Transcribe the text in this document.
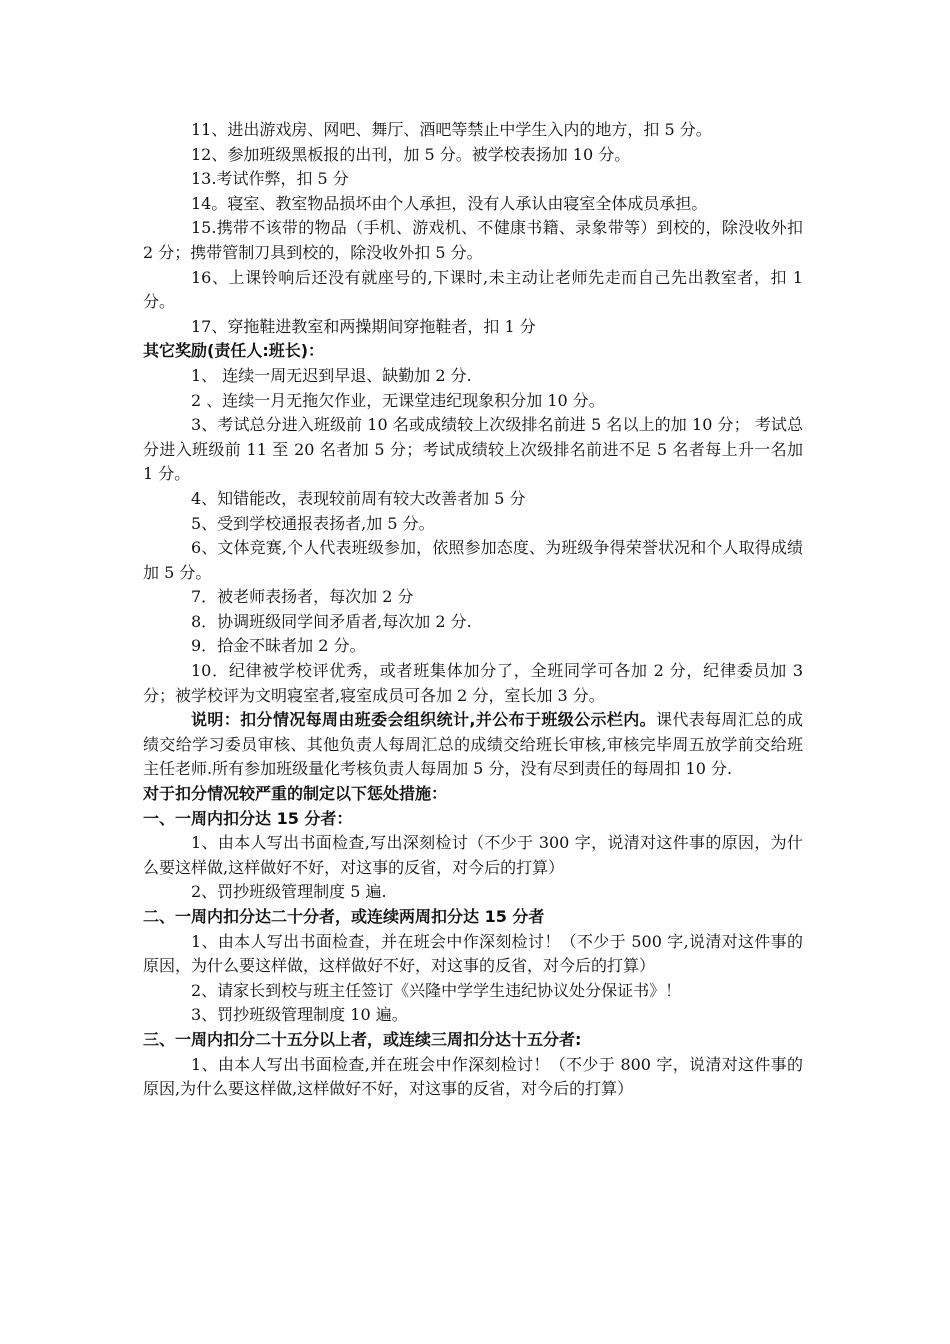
11、进出游戏房、网吧、舞厅、酒吧等禁止中学生入内的地方，扣 5 分。

12、参加班级黑板报的出刊，加 5 分。被学校表扬加 10 分。

13.考试作弊，扣 5 分

14。寝室、教室物品损坏由个人承担，没有人承认由寝室全体成员承担。

15.携带不该带的物品（手机、游戏机、不健康书籍、录象带等）到校的，除没收外扣 2 分；携带管制刀具到校的，除没收外扣 5 分。

16、上课铃响后还没有就座号的,下课时,未主动让老师先走而自己先出教室者，扣 1 分。

17、穿拖鞋进教室和两操期间穿拖鞋者，扣 1 分

其它奖励(责任人:班长)：

1、 连续一周无迟到早退、缺勤加 2 分.

2 、连续一月无拖欠作业，无课堂违纪现象积分加 10 分。

3、考试总分进入班级前 10 名或成绩较上次级排名前进 5 名以上的加 10 分； 考试总分进入班级前 11 至 20 名者加 5 分；考试成绩较上次级排名前进不足 5 名者每上升一名加 1 分。

4、知错能改，表现较前周有较大改善者加 5 分

5、受到学校通报表扬者,加 5 分。

6、文体竞赛,个人代表班级参加，依照参加态度、为班级争得荣誉状况和个人取得成绩加 5 分。

7．被老师表扬者，每次加 2 分

8．协调班级同学间矛盾者,每次加 2 分.

9．拾金不昧者加 2 分。

10．纪律被学校评优秀，或者班集体加分了，全班同学可各加 2 分，纪律委员加 3 分；被学校评为文明寝室者,寝室成员可各加 2 分，室长加 3 分。

说明：扣分情况每周由班委会组织统计,并公布于班级公示栏内。课代表每周汇总的成绩交给学习委员审核、其他负责人每周汇总的成绩交给班长审核,审核完毕周五放学前交给班主任老师.所有参加班级量化考核负责人每周加 5 分，没有尽到责任的每周扣 10 分.

对于扣分情况较严重的制定以下惩处措施：

一、一周内扣分达 15 分者：

1、由本人写出书面检查,写出深刻检讨（不少于 300 字，说清对这件事的原因，为什么要这样做,这样做好不好，对这事的反省，对今后的打算）

2、罚抄班级管理制度 5 遍.

二、一周内扣分达二十分者，或连续两周扣分达 15 分者

1、由本人写出书面检查，并在班会中作深刻检讨！（不少于 500 字,说清对这件事的原因，为什么要这样做，这样做好不好，对这事的反省，对今后的打算）

2、请家长到校与班主任签订《兴隆中学学生违纪协议处分保证书》！

3、罚抄班级管理制度 10 遍。

三、一周内扣分二十五分以上者，或连续三周扣分达十五分者:

1、由本人写出书面检查,并在班会中作深刻检讨！（不少于 800 字，说清对这件事的原因,为什么要这样做,这样做好不好，对这事的反省，对今后的打算）
